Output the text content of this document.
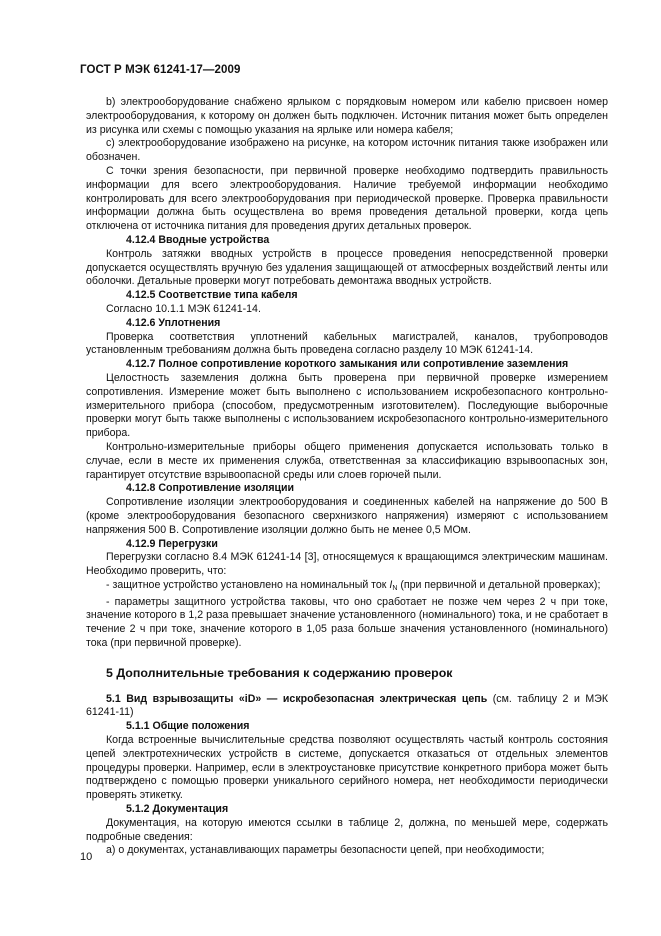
ГОСТ Р МЭК 61241-17—2009

b) электрооборудование снабжено ярлыком с порядковым номером или кабелю присвоен номер электрооборудования, к которому он должен быть подключен. Источник питания может быть определен из рисунка или схемы с помощью указания на ярлыке или номера кабеля;

c) электрооборудование изображено на рисунке, на котором источник питания также изображен или обозначен.

С точки зрения безопасности, при первичной проверке необходимо подтвердить правильность информации для всего электрооборудования. Наличие требуемой информации необходимо контролировать для всего электрооборудования при периодической проверке. Проверка правильности информации должна быть осуществлена во время проведения детальной проверки, когда цепь отключена от источника питания для проведения других детальных проверок.

4.12.4 Вводные устройства

Контроль затяжки вводных устройств в процессе проведения непосредственной проверки допускается осуществлять вручную без удаления защищающей от атмосферных воздействий ленты или оболочки. Детальные проверки могут потребовать демонтажа вводных устройств.

4.12.5 Соответствие типа кабеля

Согласно 10.1.1 МЭК 61241-14.

4.12.6 Уплотнения

Проверка соответствия уплотнений кабельных магистралей, каналов, трубопроводов установленным требованиям должна быть проведена согласно разделу 10 МЭК 61241-14.

4.12.7 Полное сопротивление короткого замыкания или сопротивление заземления

Целостность заземления должна быть проверена при первичной проверке измерением сопротивления. Измерение может быть выполнено с использованием искробезопасного контрольно-измерительного прибора (способом, предусмотренным изготовителем). Последующие выборочные проверки могут быть также выполнены с использованием искробезопасного контрольно-измерительного прибора.

Контрольно-измерительные приборы общего применения допускается использовать только в случае, если в месте их применения служба, ответственная за классификацию взрывоопасных зон, гарантирует отсутствие взрывоопасной среды или слоев горючей пыли.

4.12.8 Сопротивление изоляции

Сопротивление изоляции электрооборудования и соединенных кабелей на напряжение до 500 В (кроме электрооборудования безопасного сверхнизкого напряжения) измеряют с использованием напряжения 500 В. Сопротивление изоляции должно быть не менее 0,5 МОм.

4.12.9 Перегрузки

Перегрузки согласно 8.4 МЭК 61241-14 [3], относящемуся к вращающимся электрическим машинам. Необходимо проверить, что:

- защитное устройство установлено на номинальный ток $I_N$ (при первичной и детальной проверках);

- параметры защитного устройства таковы, что оно сработает не позже чем через 2 ч при токе, значение которого в 1,2 раза превышает значение установленного (номинального) тока, и не сработает в течение 2 ч при токе, значение которого в 1,05 раза больше значения установленного (номинального) тока (при первичной проверке).

5 Дополнительные требования к содержанию проверок

5.1 Вид взрывозащиты «iD» — искробезопасная электрическая цепь (см. таблицу 2 и МЭК 61241-11)

5.1.1 Общие положения

Когда встроенные вычислительные средства позволяют осуществлять частый контроль состояния цепей электротехнических устройств в системе, допускается отказаться от отдельных элементов процедуры проверки. Например, если в электроустановке присутствие конкретного прибора может быть подтверждено с помощью проверки уникального серийного номера, нет необходимости периодически проверять этикетку.

5.1.2 Документация

Документация, на которую имеются ссылки в таблице 2, должна, по меньшей мере, содержать подробные сведения:

а) о документах, устанавливающих параметры безопасности цепей, при необходимости;

10
